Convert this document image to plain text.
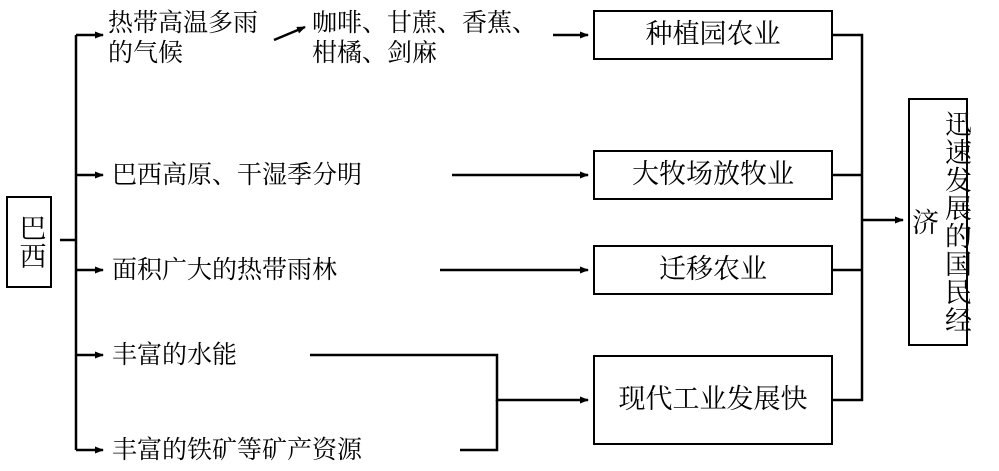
巴西
热带高温多雨的气候
巴西高原、干湿季分明
面积广大的热带雨林
丰富的水能
丰富的铁矿等矿产资源
咖啡、甘蔗、香蕉、柑橘、剑麻
种植园农业
大牧场放牧业
迁移农业
现代工业发展快
迅速发展的国民经济
